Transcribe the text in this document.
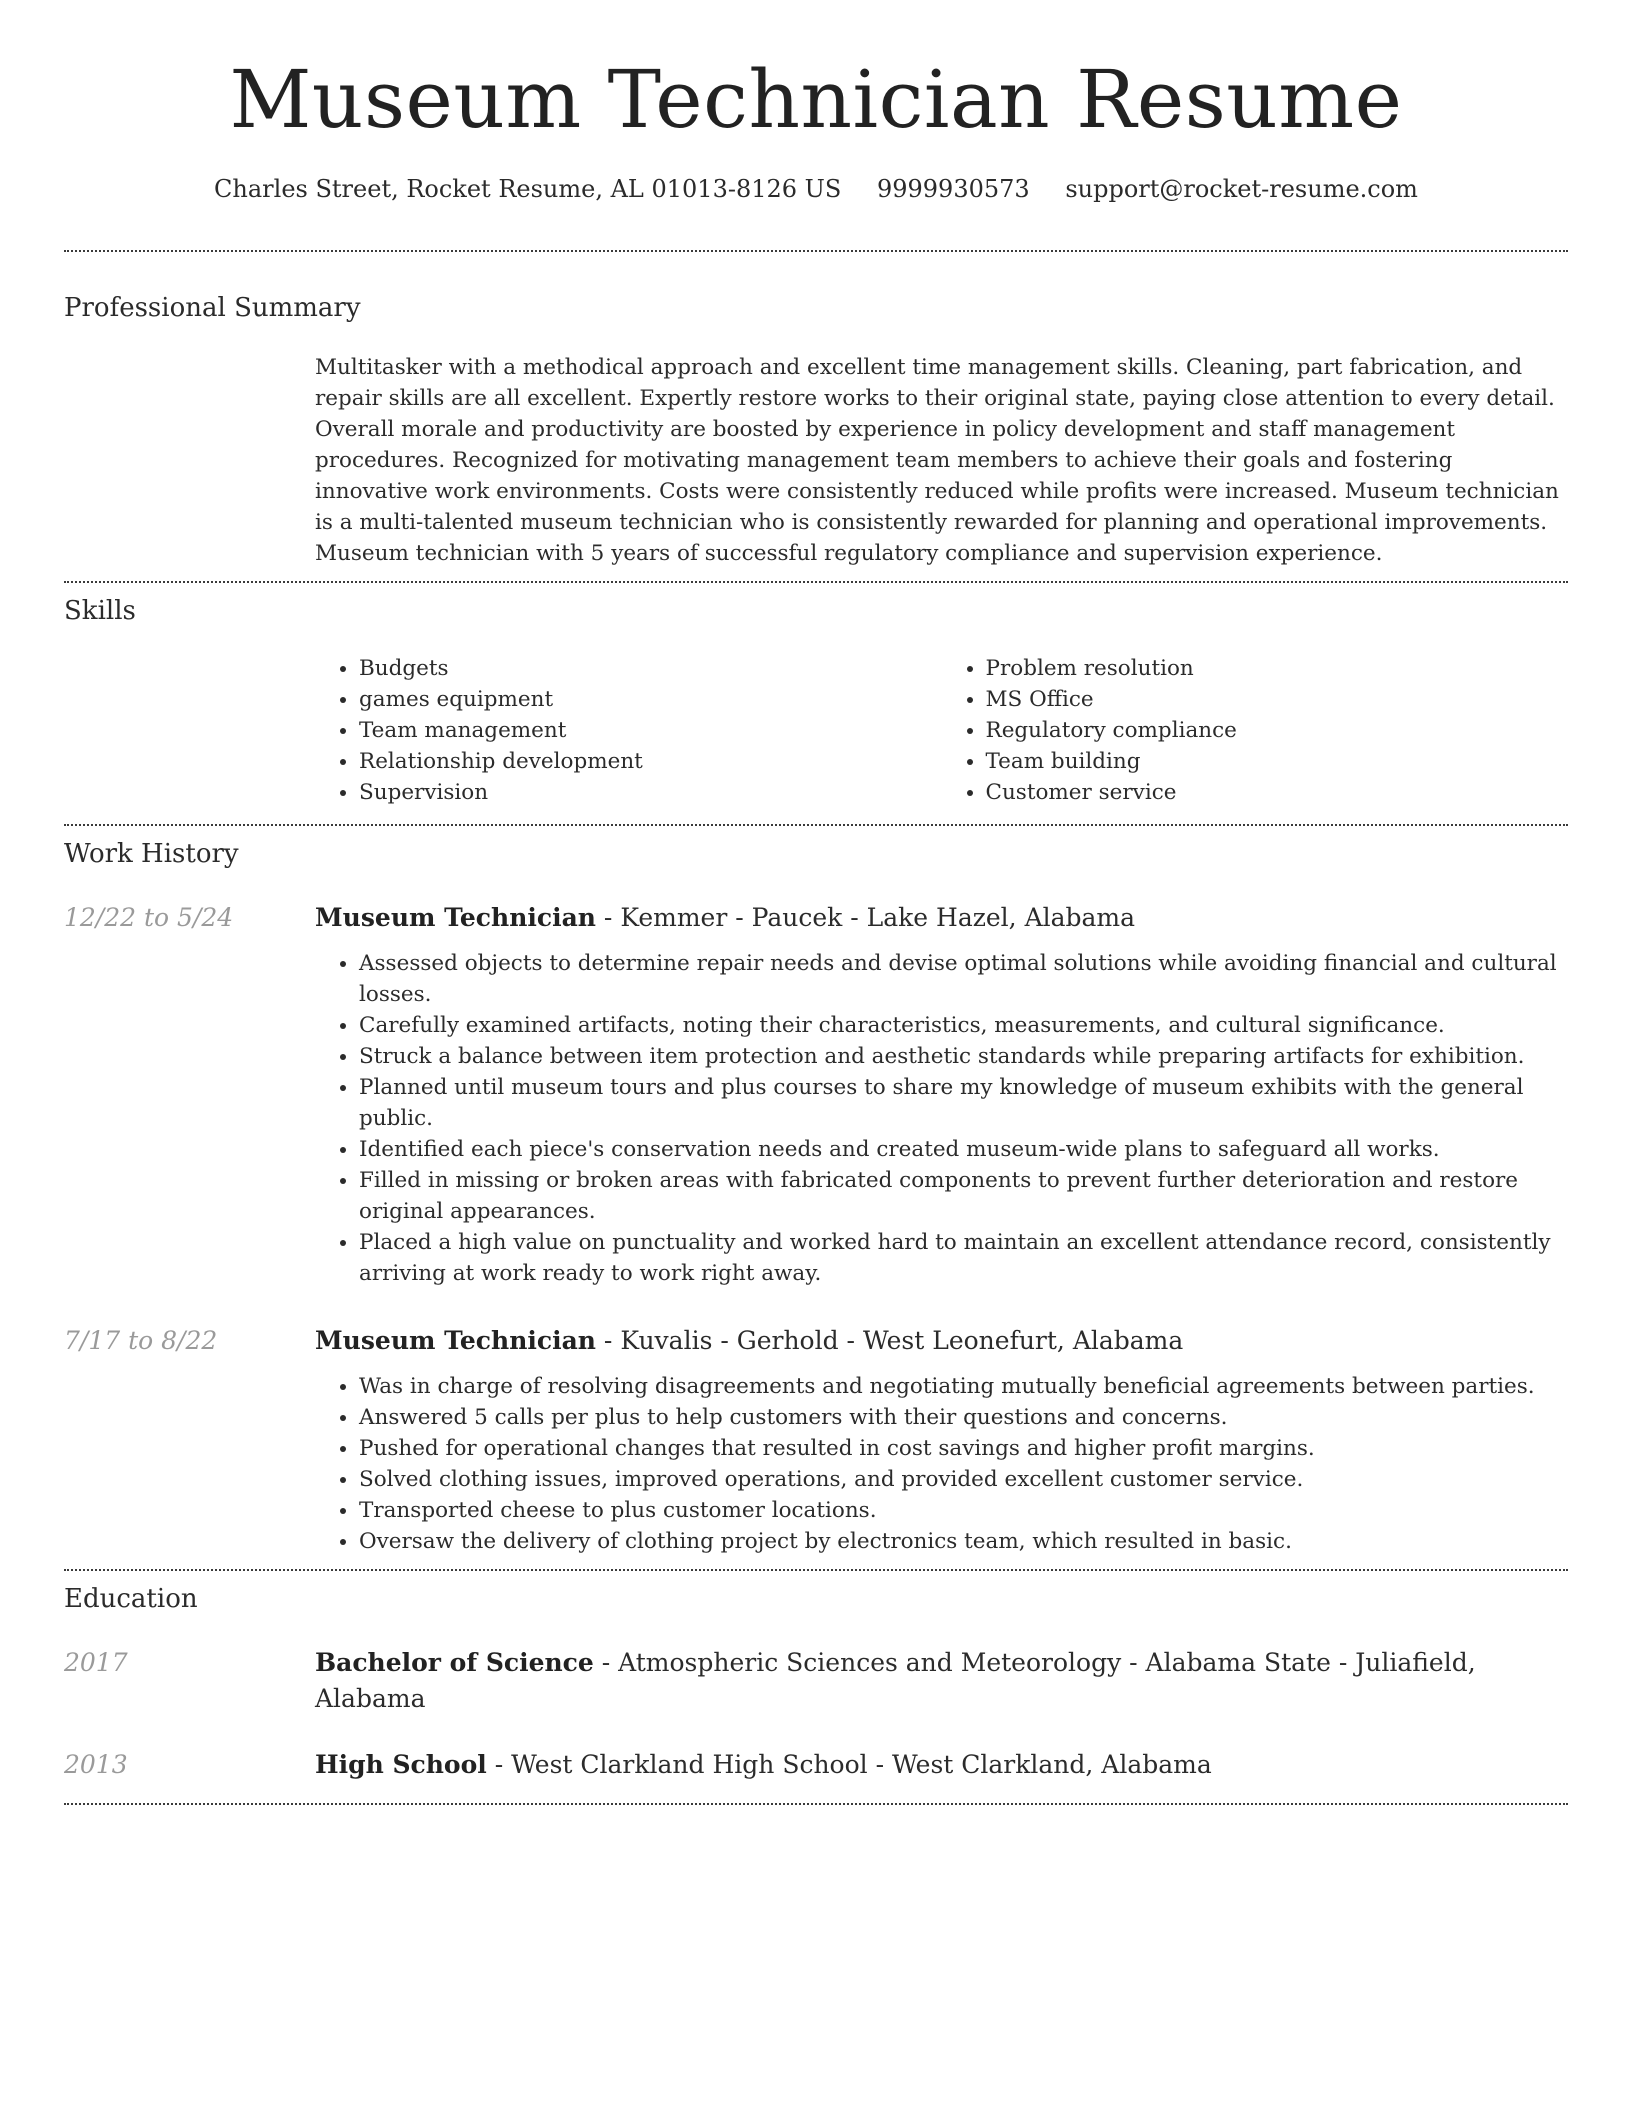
Museum Technician Resume
Charles Street, Rocket Resume, AL 01013-8126 US 9999930573 support@rocket-resume.com
Professional Summary

Multitasker with a methodical approach and excellent time management skills. Cleaning, part fabrication, and repair skills are all excellent. Expertly restore works to their original state, paying close attention to every detail. Overall morale and productivity are boosted by experience in policy development and staff management procedures. Recognized for motivating management team members to achieve their goals and fostering innovative work environments. Costs were consistently reduced while profits were increased. Museum technician is a multi-talented museum technician who is consistently rewarded for planning and operational improvements. Museum technician with 5 years of successful regulatory compliance and supervision experience.

Skills
• Budgets
• games equipment
• Team management
• Relationship development
• Supervision
• Problem resolution
• MS Office
• Regulatory compliance
• Team building
• Customer service
Work History
12/22 to 5/24	Museum Technician - Kemmer - Paucek - Lake Hazel, Alabama
• Assessed objects to determine repair needs and devise optimal solutions while avoiding financial and cultural losses.
• Carefully examined artifacts, noting their characteristics, measurements, and cultural significance.
• Struck a balance between item protection and aesthetic standards while preparing artifacts for exhibition.
• Planned until museum tours and plus courses to share my knowledge of museum exhibits with the general public.
• Identified each piece's conservation needs and created museum-wide plans to safeguard all works.
• Filled in missing or broken areas with fabricated components to prevent further deterioration and restore original appearances.
• Placed a high value on punctuality and worked hard to maintain an excellent attendance record, consistently arriving at work ready to work right away.
7/17 to 8/22	Museum Technician - Kuvalis - Gerhold - West Leonefurt, Alabama
• Was in charge of resolving disagreements and negotiating mutually beneficial agreements between parties.
• Answered 5 calls per plus to help customers with their questions and concerns.
• Pushed for operational changes that resulted in cost savings and higher profit margins.
• Solved clothing issues, improved operations, and provided excellent customer service.
• Transported cheese to plus customer locations.
• Oversaw the delivery of clothing project by electronics team, which resulted in basic.
Education
2017	Bachelor of Science - Atmospheric Sciences and Meteorology - Alabama State - Juliafield, Alabama
2013	High School - West Clarkland High School - West Clarkland, Alabama
